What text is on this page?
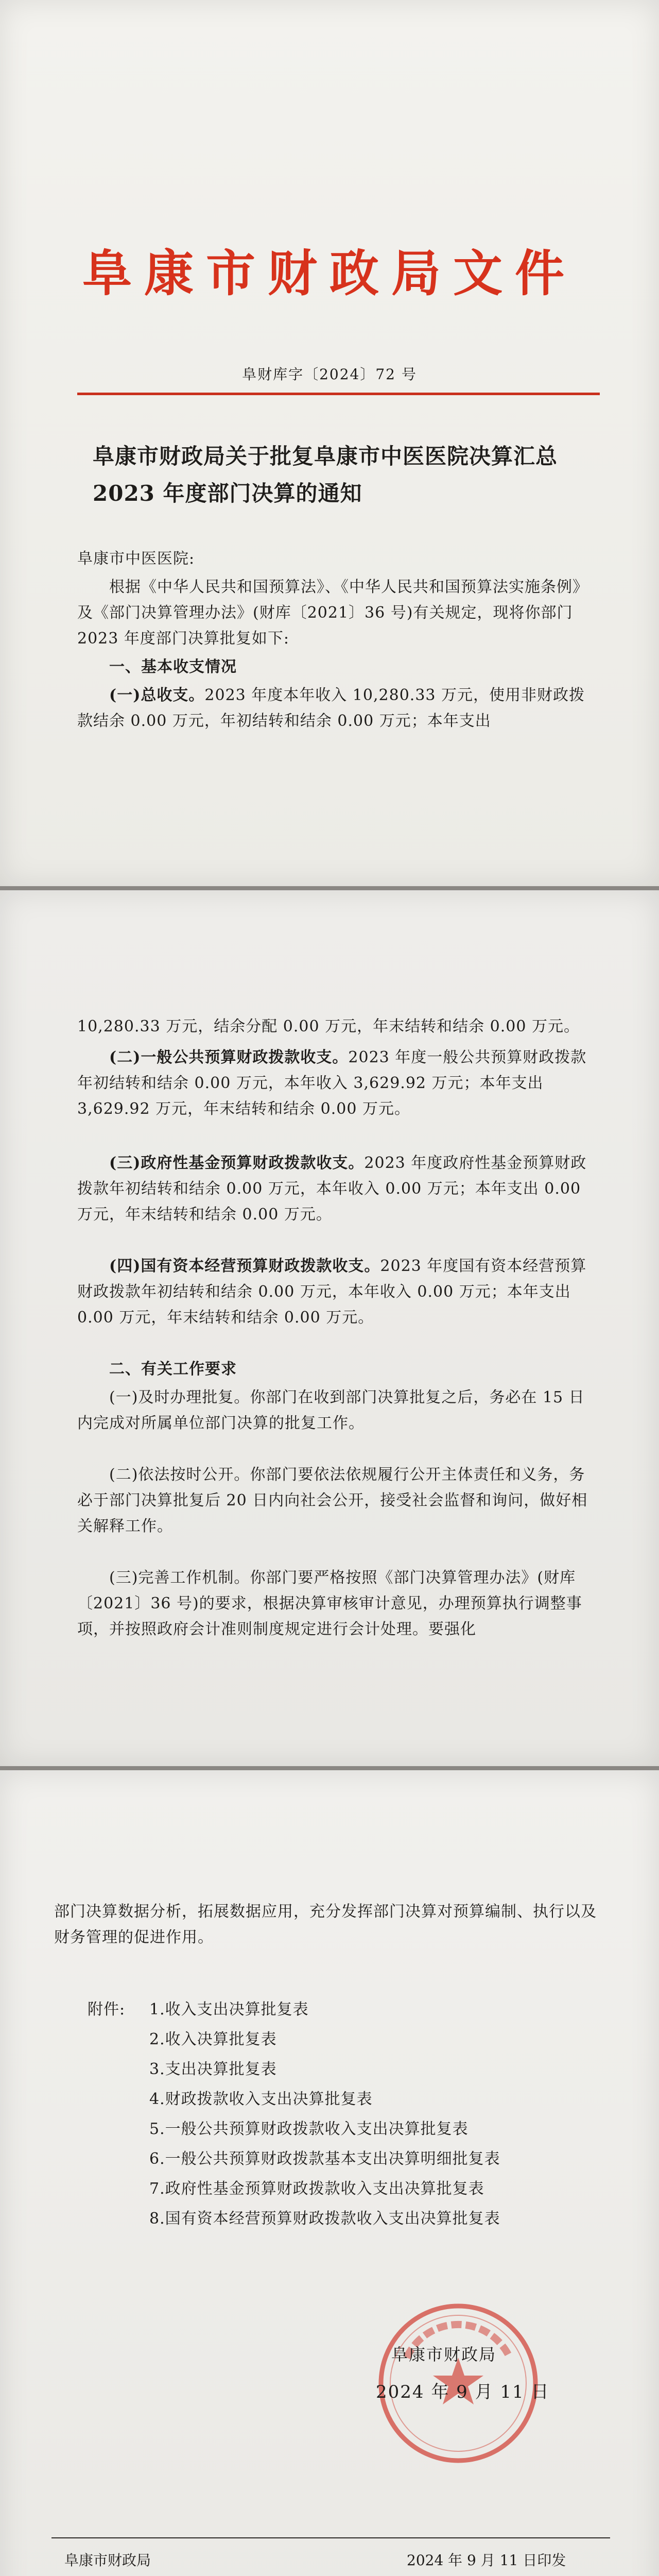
阜康市财政局文件
阜财库字〔2024〕72 号
阜康市财政局关于批复阜康市中医医院决算汇总 2023 年度部门决算的通知

阜康市中医医院:

根据《中华人民共和国预算法》、《中华人民共和国预算法实施条例》及《部门决算管理办法》(财库〔2021〕36 号)有关规定，现将你部门 2023 年度部门决算批复如下:

一、基本收支情况

(一)总收支。2023 年度本年收入 10,280.33 万元，使用非财政拨款结余 0.00 万元，年初结转和结余 0.00 万元；本年支出

10,280.33 万元，结余分配 0.00 万元，年末结转和结余 0.00 万元。

(二)一般公共预算财政拨款收支。2023 年度一般公共预算财政拨款年初结转和结余 0.00 万元，本年收入 3,629.92 万元；本年支出 3,629.92 万元，年末结转和结余 0.00 万元。

(三)政府性基金预算财政拨款收支。2023 年度政府性基金预算财政拨款年初结转和结余 0.00 万元，本年收入 0.00 万元；本年支出 0.00 万元，年末结转和结余 0.00 万元。

(四)国有资本经营预算财政拨款收支。2023 年度国有资本经营预算财政拨款年初结转和结余 0.00 万元，本年收入 0.00 万元；本年支出 0.00 万元，年末结转和结余 0.00 万元。

二、有关工作要求

(一)及时办理批复。你部门在收到部门决算批复之后，务必在 15 日内完成对所属单位部门决算的批复工作。

(二)依法按时公开。你部门要依法依规履行公开主体责任和义务，务必于部门决算批复后 20 日内向社会公开，接受社会监督和询问，做好相关解释工作。

(三)完善工作机制。你部门要严格按照《部门决算管理办法》(财库〔2021〕36 号)的要求，根据决算审核审计意见，办理预算执行调整事项，并按照政府会计准则制度规定进行会计处理。要强化

部门决算数据分析，拓展数据应用，充分发挥部门决算对预算编制、执行以及财务管理的促进作用。

附件: 1.收入支出决算批复表

2.收入决算批复表

3.支出决算批复表

4.财政拨款收入支出决算批复表

5.一般公共预算财政拨款收入支出决算批复表

6.一般公共预算财政拨款基本支出决算明细批复表

7.政府性基金预算财政拨款收入支出决算批复表

8.国有资本经营预算财政拨款收入支出决算批复表

阜康市财政局
2024 年 9 月 11 日
阜康市财政局	2024 年 9 月 11 日印发
